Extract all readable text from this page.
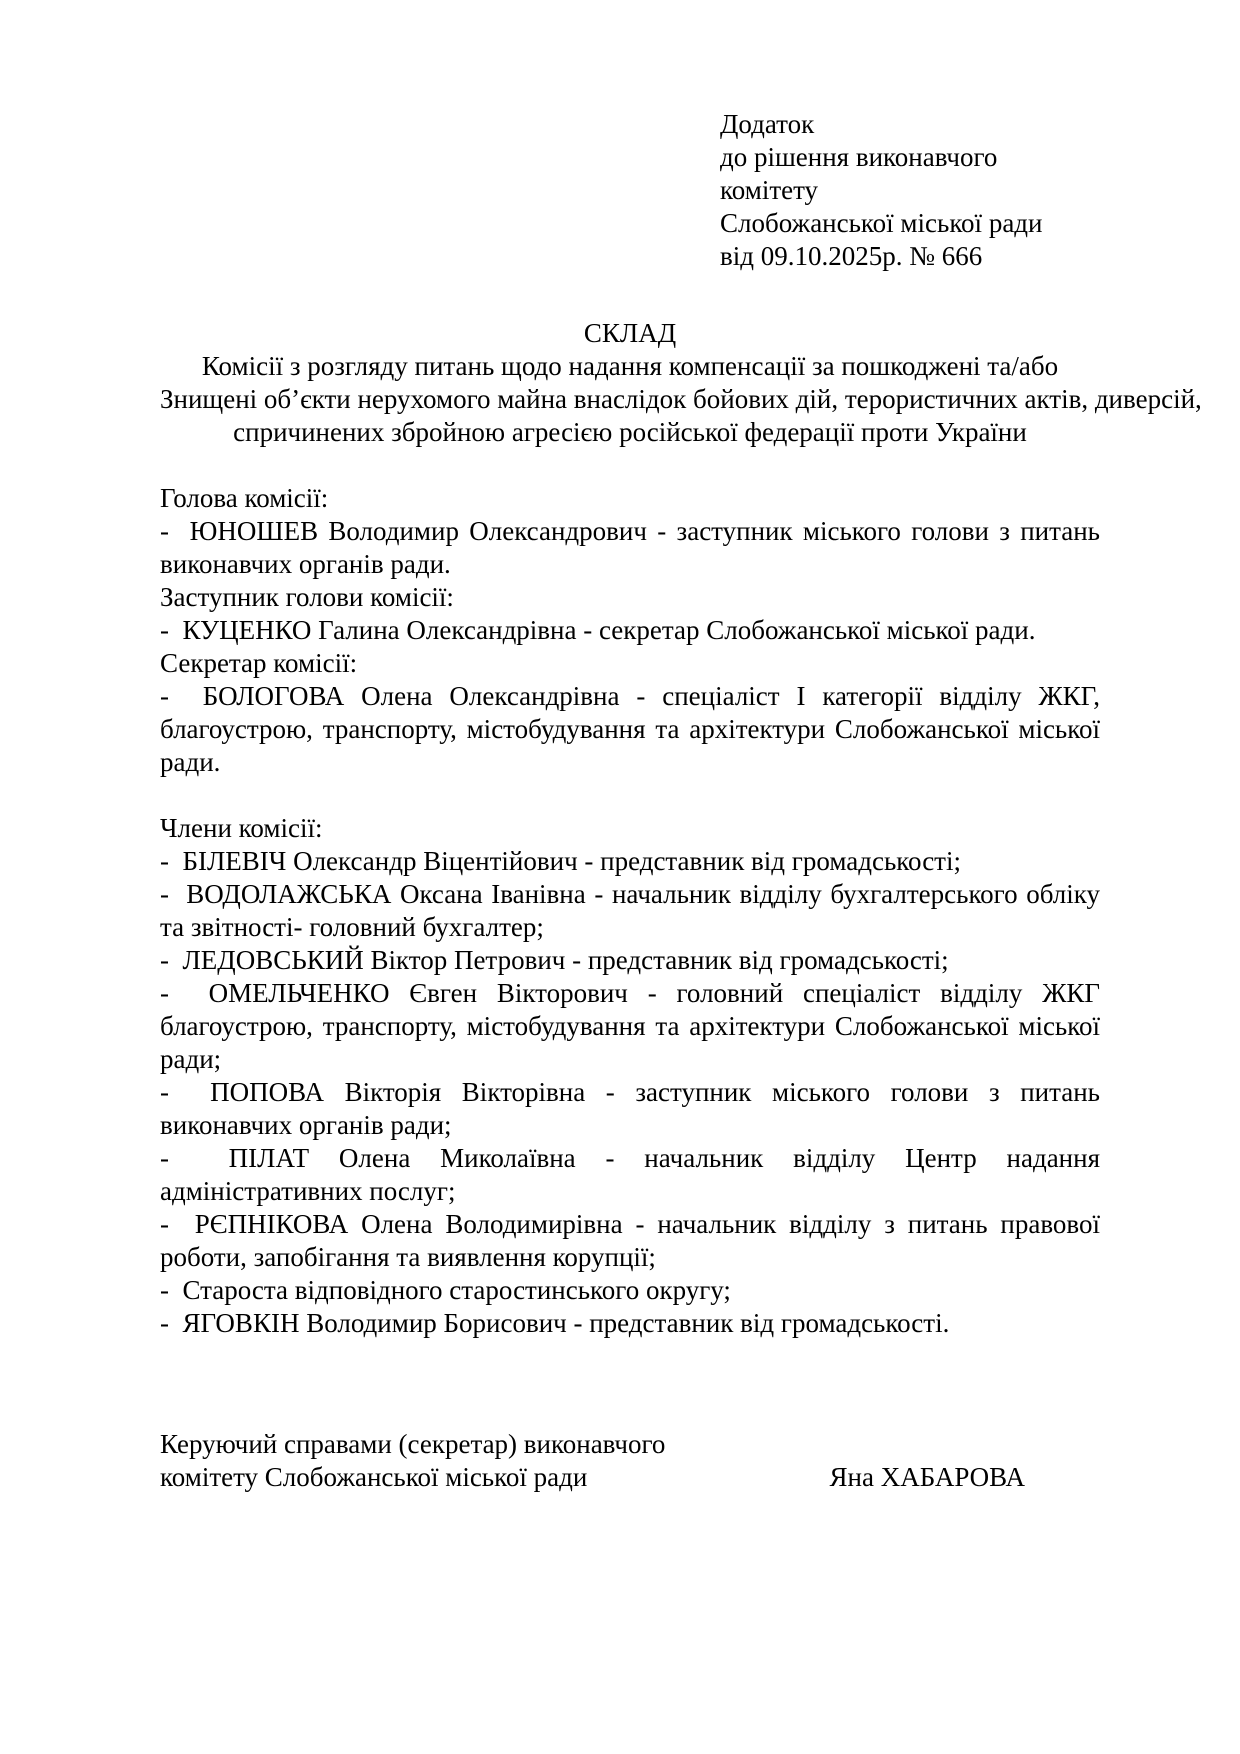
Додаток

до рішення виконавчого комітету

Слобожанської міської ради

від 09.10.2025р. № 666

СКЛАД

Комісії з розгляду питань щодо надання компенсації за пошкоджені та/або

Знищені об’єкти нерухомого майна внаслідок бойових дій, терористичних актів, диверсій,

спричинених збройною агресією російської федерації проти України

Голова комісії:

-  ЮНОШЕВ Володимир Олександрович - заступник міського голови з питань виконавчих органів ради.

Заступник голови комісії:

-  КУЦЕНКО Галина Олександрівна - секретар Слобожанської міської ради.

Секретар комісії:

-  БОЛОГОВА Олена Олександрівна - спеціаліст І категорії відділу ЖКГ, благоустрою, транспорту, містобудування та архітектури Слобожанської міської ради.

Члени комісії:

-  БІЛЕВІЧ Олександр Віцентійович - представник від громадськості;

-  ВОДОЛАЖСЬКА Оксана Іванівна - начальник відділу бухгалтерського обліку та звітності- головний бухгалтер;

-  ЛЕДОВСЬКИЙ Віктор Петрович - представник від громадськості;

-  ОМЕЛЬЧЕНКО Євген Вікторович - головний спеціаліст відділу ЖКГ благоустрою, транспорту, містобудування та архітектури Слобожанської міської ради;

-  ПОПОВА Вікторія Вікторівна - заступник міського голови з питань виконавчих органів ради;

-  ПІЛАТ Олена Миколаївна - начальник відділу Центр надання адміністративних послуг;

-  РЄПНІКОВА Олена Володимирівна - начальник відділу з питань правової роботи, запобігання та виявлення корупції;

-  Староста відповідного старостинського округу;

-  ЯГОВКІН Володимир Борисович - представник від громадськості.

Керуючий справами (секретар) виконавчого

комітету Слобожанської міської ради	Яна ХАБАРОВА
